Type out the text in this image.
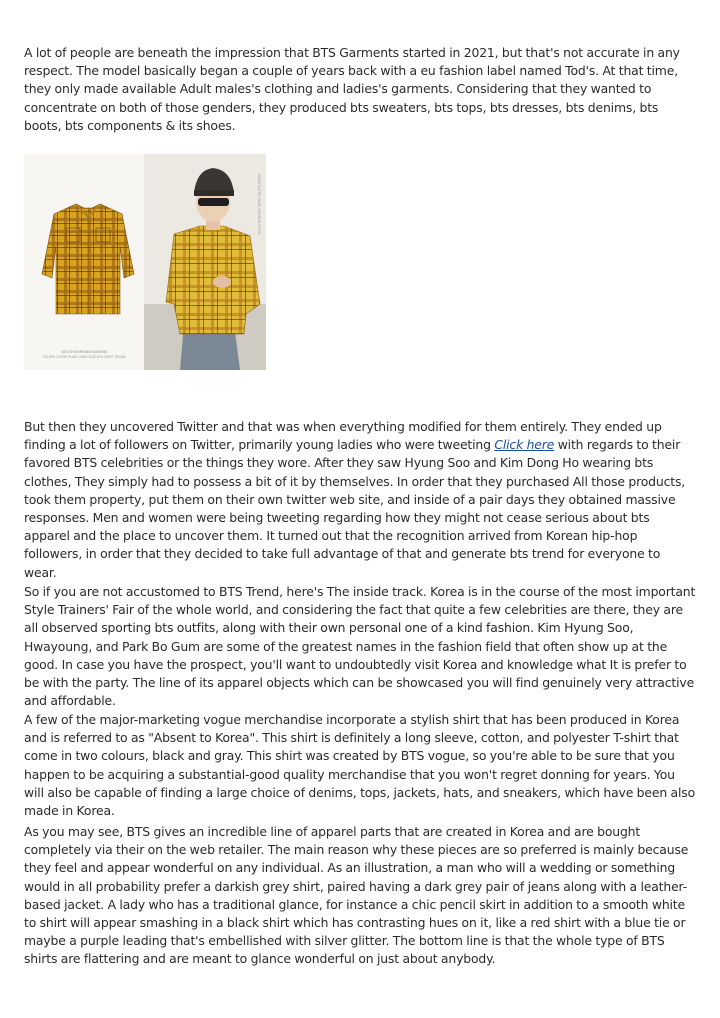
A lot of people are beneath the impression that BTS Garments started in 2021, but that's not accurate in any respect. The model basically began a couple of years back with a eu fashion label named Tod's. At that time, they only made available Adult males's clothing and ladies's garments. Considering that they wanted to concentrate on both of those genders, they produced bts sweaters, bts tops, bts dresses, bts denims, bts boots, bts components & its shoes.

SOUTH KOREAN FASHION
COUPLE LOOSE PLAID LONG SLEEVED SHIRT TREND
MADE IN THE SAME FASHION STYLE

But then they uncovered Twitter and that was when everything modified for them entirely. They ended up finding a lot of followers on Twitter, primarily young ladies who were tweeting Click here with regards to their favored BTS celebrities or the things they wore. After they saw Hyung Soo and Kim Dong Ho wearing bts clothes, They simply had to possess a bit of it by themselves. In order that they purchased All those products, took them property, put them on their own twitter web site, and inside of a pair days they obtained massive responses. Men and women were being tweeting regarding how they might not cease serious about bts apparel and the place to uncover them. It turned out that the recognition arrived from Korean hip-hop followers, in order that they decided to take full advantage of that and generate bts trend for everyone to wear.

So if you are not accustomed to BTS Trend, here's The inside track. Korea is in the course of the most important Style Trainers' Fair of the whole world, and considering the fact that quite a few celebrities are there, they are all observed sporting bts outfits, along with their own personal one of a kind fashion. Kim Hyung Soo, Hwayoung, and Park Bo Gum are some of the greatest names in the fashion field that often show up at the good. In case you have the prospect, you'll want to undoubtedly visit Korea and knowledge what It is prefer to be with the party. The line of its apparel objects which can be showcased you will find genuinely very attractive and affordable.

A few of the major-marketing vogue merchandise incorporate a stylish shirt that has been produced in Korea and is referred to as "Absent to Korea". This shirt is definitely a long sleeve, cotton, and polyester T-shirt that come in two colours, black and gray. This shirt was created by BTS vogue, so you're able to be sure that you happen to be acquiring a substantial-good quality merchandise that you won't regret donning for years. You will also be capable of finding a large choice of denims, tops, jackets, hats, and sneakers, which have been also made in Korea.

As you may see, BTS gives an incredible line of apparel parts that are created in Korea and are bought completely via their on the web retailer. The main reason why these pieces are so preferred is mainly because they feel and appear wonderful on any individual. As an illustration, a man who will a wedding or something would in all probability prefer a darkish grey shirt, paired having a dark grey pair of jeans along with a leather-based jacket. A lady who has a traditional glance, for instance a chic pencil skirt in addition to a smooth white to shirt will appear smashing in a black shirt which has contrasting hues on it, like a red shirt with a blue tie or maybe a purple leading that's embellished with silver glitter. The bottom line is that the whole type of BTS shirts are flattering and are meant to glance wonderful on just about anybody.
